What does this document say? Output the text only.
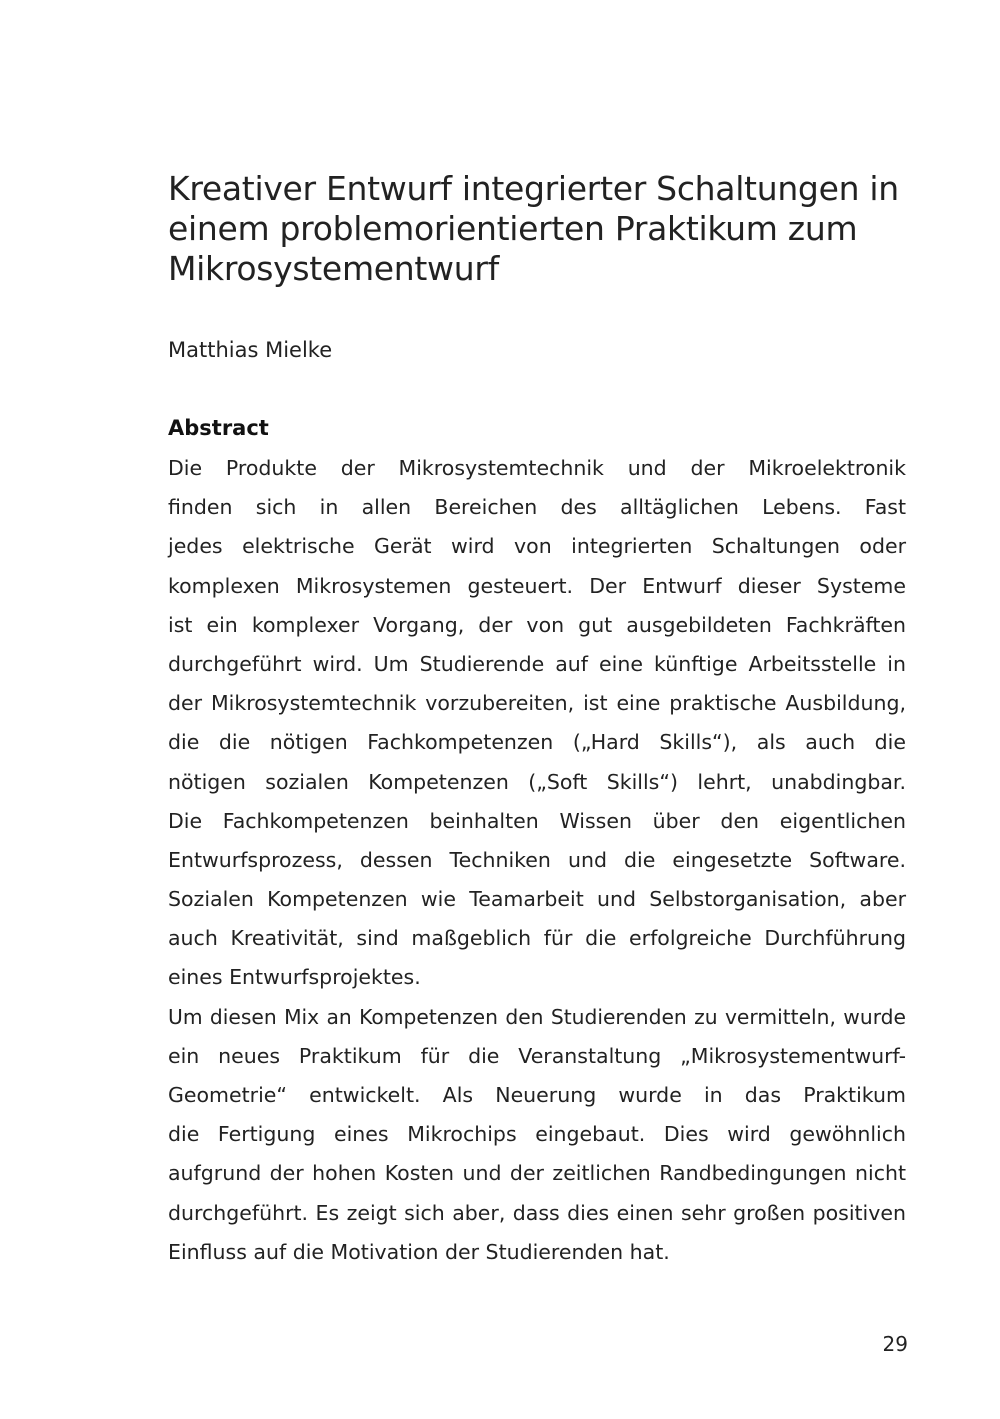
Kreativer Entwurf integrierter Schaltungen in
einem problemorientierten Praktikum zum
Mikrosystementwurf
Matthias Mielke
Abstract
Die Produkte der Mikrosystemtechnik und der Mikroelektronik
finden sich in allen Bereichen des alltäglichen Lebens. Fast
jedes elektrische Gerät wird von integrierten Schaltungen oder
komplexen Mikrosystemen gesteuert. Der Entwurf dieser Systeme
ist ein komplexer Vorgang, der von gut ausgebildeten Fachkräften
durchgeführt wird. Um Studierende auf eine künftige Arbeitsstelle in
der Mikrosystemtechnik vorzubereiten, ist eine praktische Ausbildung,
die die nötigen Fachkompetenzen („Hard Skills“), als auch die
nötigen sozialen Kompetenzen („Soft Skills“) lehrt, unabdingbar.
Die Fachkompetenzen beinhalten Wissen über den eigentlichen
Entwurfsprozess, dessen Techniken und die eingesetzte Software.
Sozialen Kompetenzen wie Teamarbeit und Selbstorganisation, aber
auch Kreativität, sind maßgeblich für die erfolgreiche Durchführung
eines Entwurfsprojektes.
Um diesen Mix an Kompetenzen den Studierenden zu vermitteln, wurde
ein neues Praktikum für die Veranstaltung „Mikrosystementwurf-
Geometrie“ entwickelt. Als Neuerung wurde in das Praktikum
die Fertigung eines Mikrochips eingebaut. Dies wird gewöhnlich
aufgrund der hohen Kosten und der zeitlichen Randbedingungen nicht
durchgeführt. Es zeigt sich aber, dass dies einen sehr großen positiven
Einfluss auf die Motivation der Studierenden hat.
29
